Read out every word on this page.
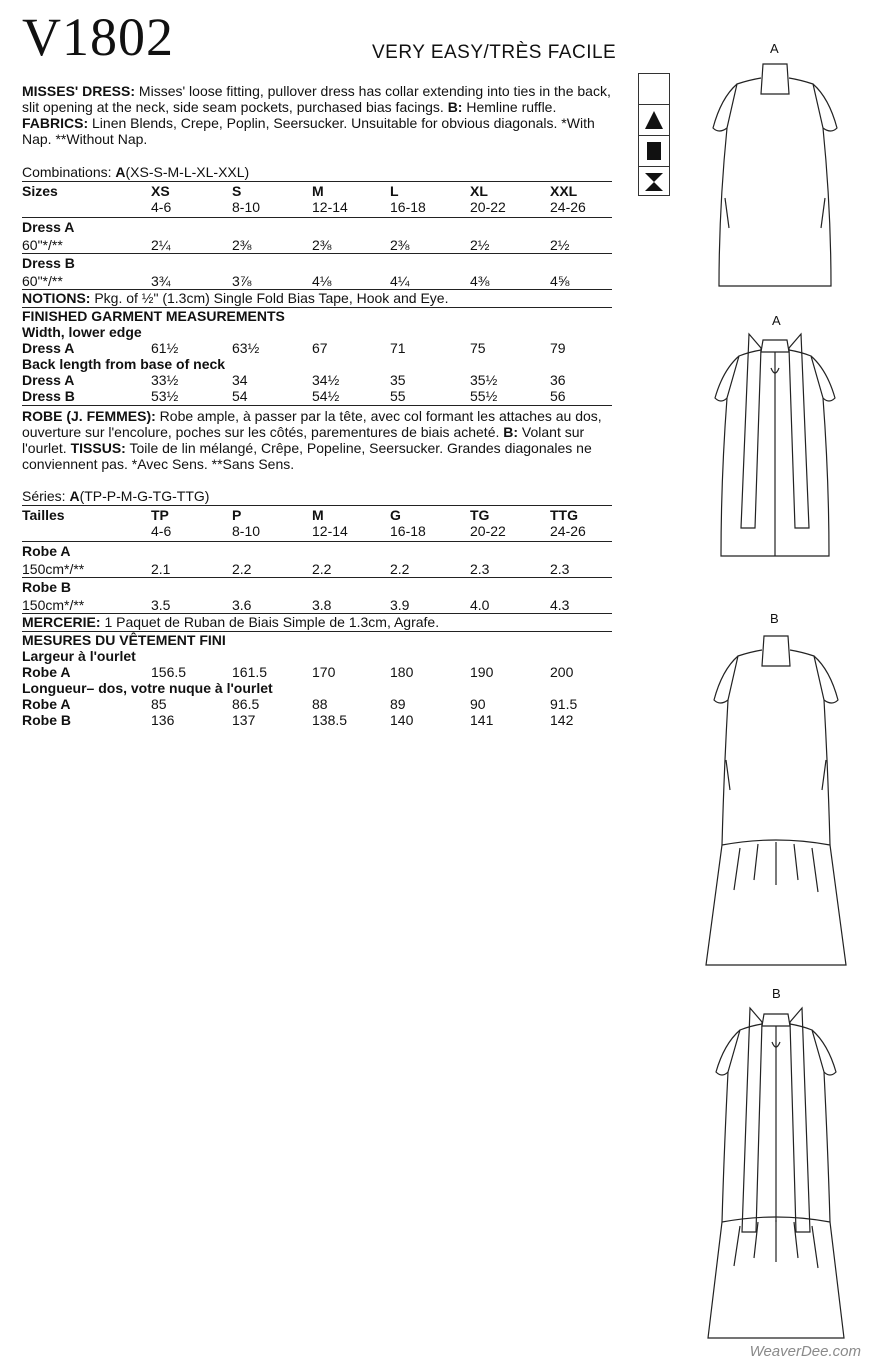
V1802	VERY EASY/TRÈS FACILE

MISSES' DRESS: Misses' loose fitting, pullover dress has collar extending into ties in the back, slit opening at the neck, side seam pockets, purchased bias facings. B: Hemline ruffle. FABRICS: Linen Blends, Crepe, Poplin, Seersucker. Unsuitable for obvious diagonals. *With Nap. **Without Nap.

Combinations: A(XS-S-M-L-XL-XXL)
Sizes	XS	S	M	L	XL	XXL
4-6	8-10	12-14	16-18	20-22	24-26
Dress A
60"*/**	2¼	2⅜	2⅜	2⅜	2½	2½
Dress B
60"*/**	3¾	3⅞	4⅛	4¼	4⅜	4⅝
NOTIONS: Pkg. of ½" (1.3cm) Single Fold Bias Tape, Hook and Eye.
FINISHED GARMENT MEASUREMENTS
Width, lower edge
Dress A	61½	63½	67	71	75	79
Back length from base of neck
Dress A	33½	34	34½	35	35½	36
Dress B	53½	54	54½	55	55½	56

ROBE (J. FEMMES): Robe ample, à passer par la tête, avec col formant les attaches au dos, ouverture sur l'encolure, poches sur les côtés, parementures de biais acheté. B: Volant sur l'ourlet. TISSUS: Toile de lin mélangé, Crêpe, Popeline, Seersucker. Grandes diagonales ne conviennent pas. *Avec Sens. **Sans Sens.

Séries: A(TP-P-M-G-TG-TTG)
Tailles	TP	P	M	G	TG	TTG
4-6	8-10	12-14	16-18	20-22	24-26
Robe A
150cm*/**	2.1	2.2	2.2	2.2	2.3	2.3
Robe B
150cm*/**	3.5	3.6	3.8	3.9	4.0	4.3
MERCERIE: 1 Paquet de Ruban de Biais Simple de 1.3cm, Agrafe.
MESURES DU VÊTEMENT FINI
Largeur à l'ourlet
Robe A	156.5	161.5	170	180	190	200
Longueur– dos, votre nuque à l'ourlet
Robe A	85	86.5	88	89	90	91.5
Robe B	136	137	138.5	140	141	142
A
A
B
B
WeaverDee.com
